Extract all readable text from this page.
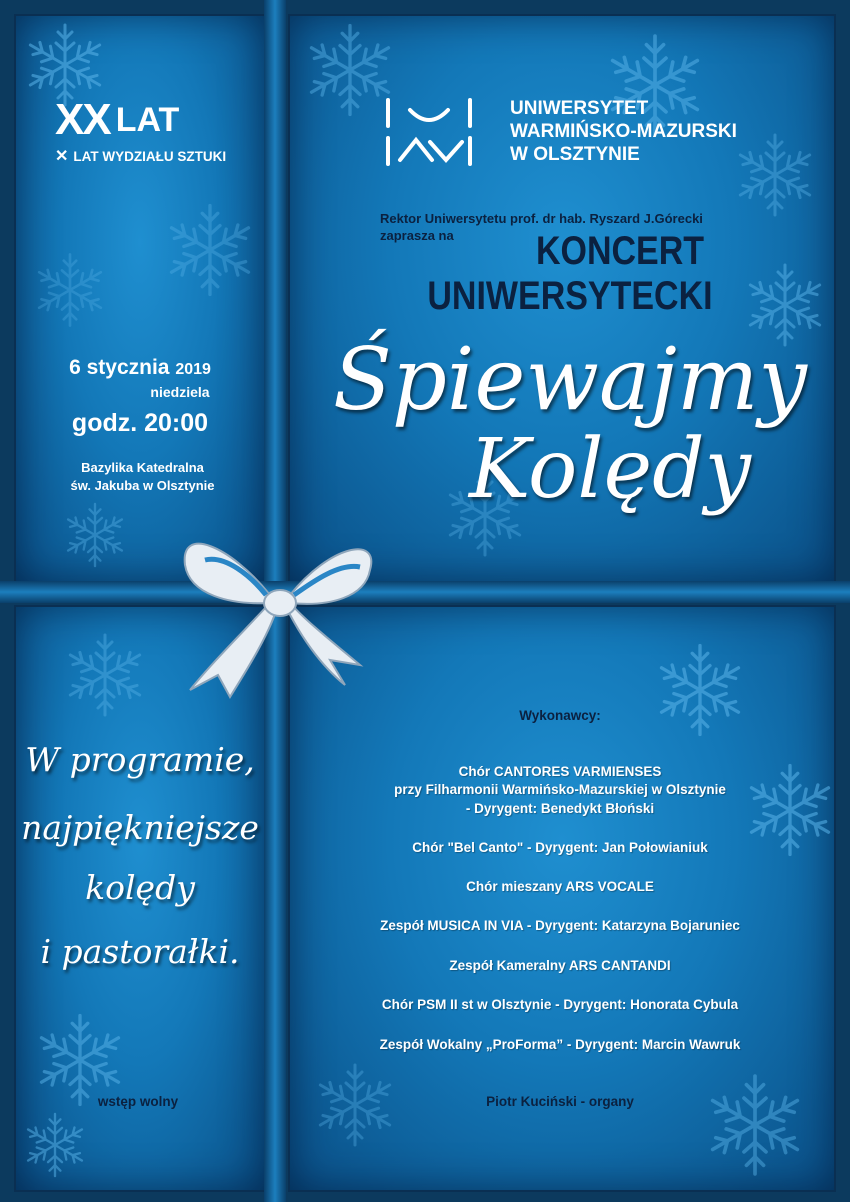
XX LAT
✕ LAT WYDZIAŁU SZTUKI
UNIWERSYTET
WARMIŃSKO-MAZURSKI
W OLSZTYNIE
Rektor Uniwersytetu prof. dr hab. Ryszard J.Górecki
zaprasza na	KONCERT
UNIWERSYTECKI
Śpiewajmy
Kolędy
6 stycznia 2019
niedziela
godz. 20:00
Bazylika Katedralna
św. Jakuba w Olsztynie
W programie,
najpiękniejsze
kolędy
i pastorałki.
wstęp wolny
Wykonawcy:
Chór CANTORES VARMIENSES
przy Filharmonii Warmińsko-Mazurskiej w Olsztynie
- Dyrygent: Benedykt Błoński
Chór "Bel Canto" - Dyrygent: Jan Połowianiuk
Chór mieszany ARS VOCALE
Zespół MUSICA IN VIA - Dyrygent: Katarzyna Bojaruniec
Zespół Kameralny ARS CANTANDI
Chór PSM II st w Olsztynie - Dyrygent: Honorata Cybula
Zespół Wokalny „ProForma” - Dyrygent: Marcin Wawruk
Piotr Kuciński - organy
